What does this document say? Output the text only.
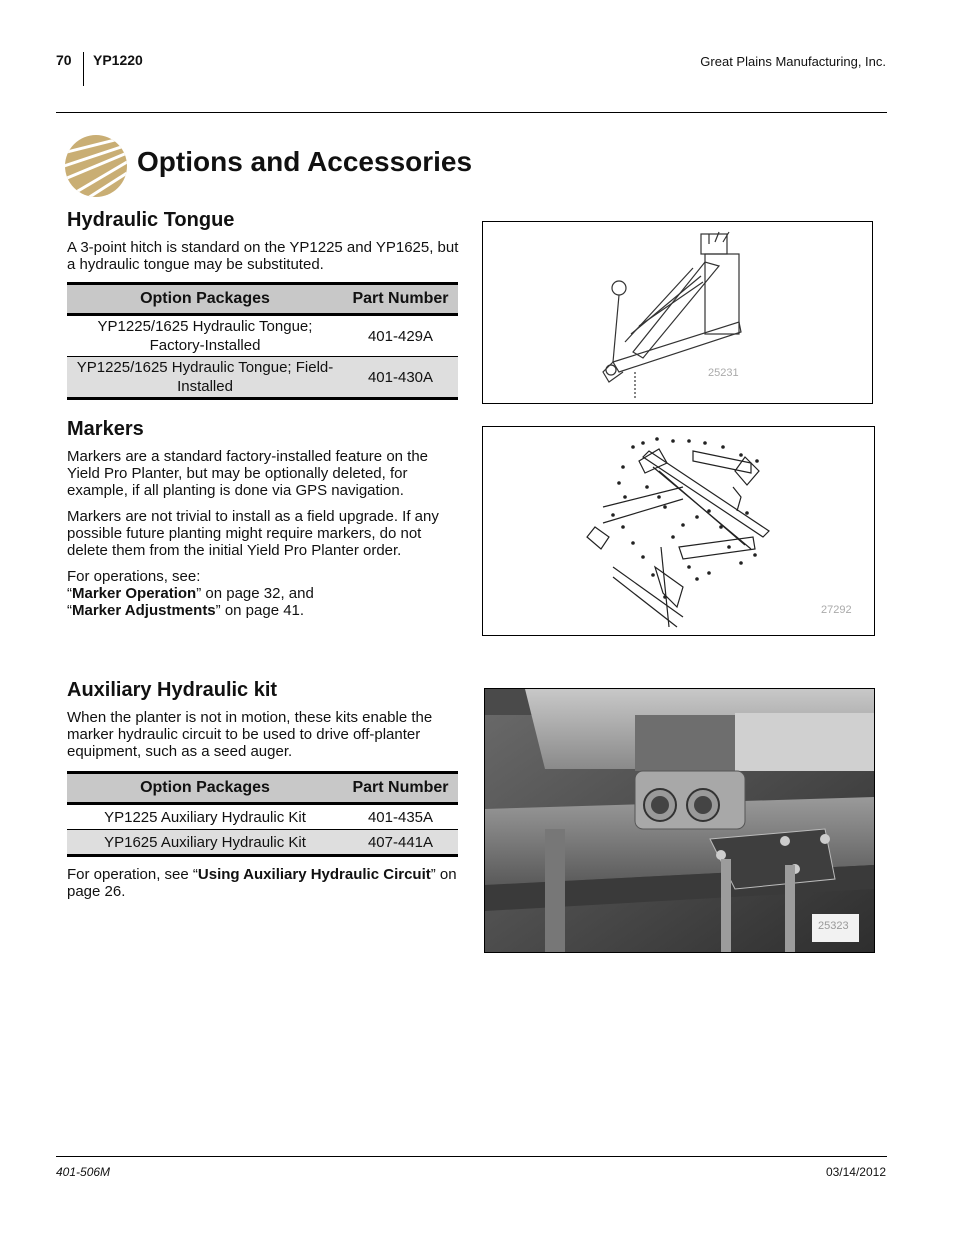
70 YP1220	Great Plains Manufacturing, Inc.
Options and Accessories
Hydraulic Tongue

A 3-point hitch is standard on the YP1225 and YP1625, but a hydraulic tongue may be substituted.

Option Packages	Part Number
YP1225/1625 Hydraulic Tongue; Factory-Installed	401-429A
YP1225/1625 Hydraulic Tongue; Field-Installed	401-430A
Markers

Markers are a standard factory-installed feature on the Yield Pro Planter, but may be optionally deleted, for example, if all planting is done via GPS navigation.

Markers are not trivial to install as a field upgrade. If any possible future planting might require markers, do not delete them from the initial Yield Pro Planter order.

For operations, see:
“Marker Operation” on page 32, and
“Marker Adjustments” on page 41.

Auxiliary Hydraulic kit

When the planter is not in motion, these kits enable the marker hydraulic circuit to be used to drive off-planter equipment, such as a seed auger.

Option Packages	Part Number
YP1225 Auxiliary Hydraulic Kit	401-435A
YP1625 Auxiliary Hydraulic Kit	407-441A

For operation, see “Using Auxiliary Hydraulic Circuit” on page 26.

25231
27292
25323
401-506M	03/14/2012
